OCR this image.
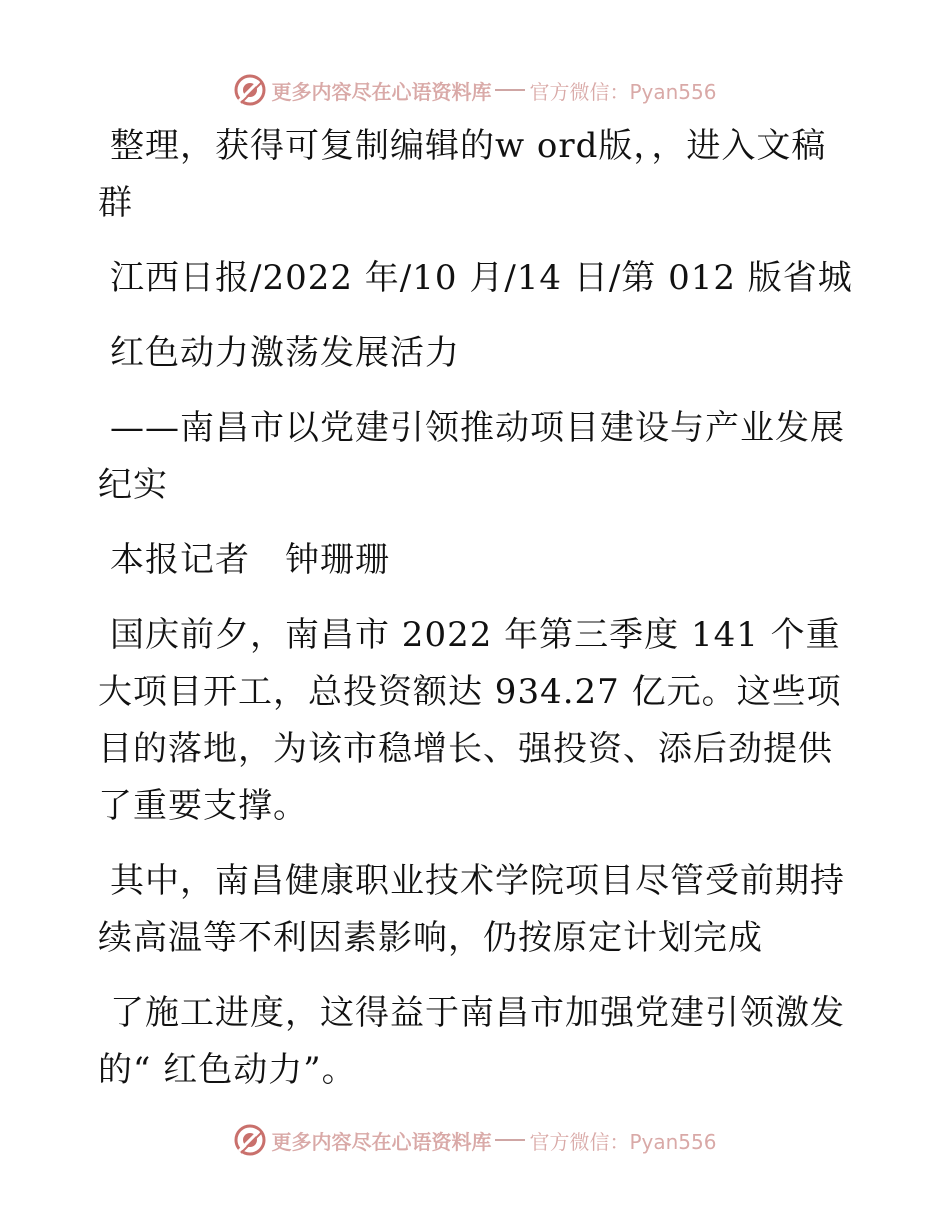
更多内容尽在心语资料库 官方微信：Pyan556

整理，获得可复制编辑的w ord版，，进入文稿群

江西日报/2022 年/10 月/14 日/第 012 版省城

红色动力激荡发展活力

——南昌市以党建引领推动项目建设与产业发展纪实

本报记者　钟珊珊

国庆前夕，南昌市 2022 年第三季度 141 个重大项目开工，总投资额达 934.27 亿元。这些项目的落地，为该市稳增长、强投资、添后劲提供了重要支撑。

其中，南昌健康职业技术学院项目尽管受前期持续高温等不利因素影响，仍按原定计划完成

了施工进度，这得益于南昌市加强党建引领激发的“ 红色动力”。

更多内容尽在心语资料库 官方微信：Pyan556
